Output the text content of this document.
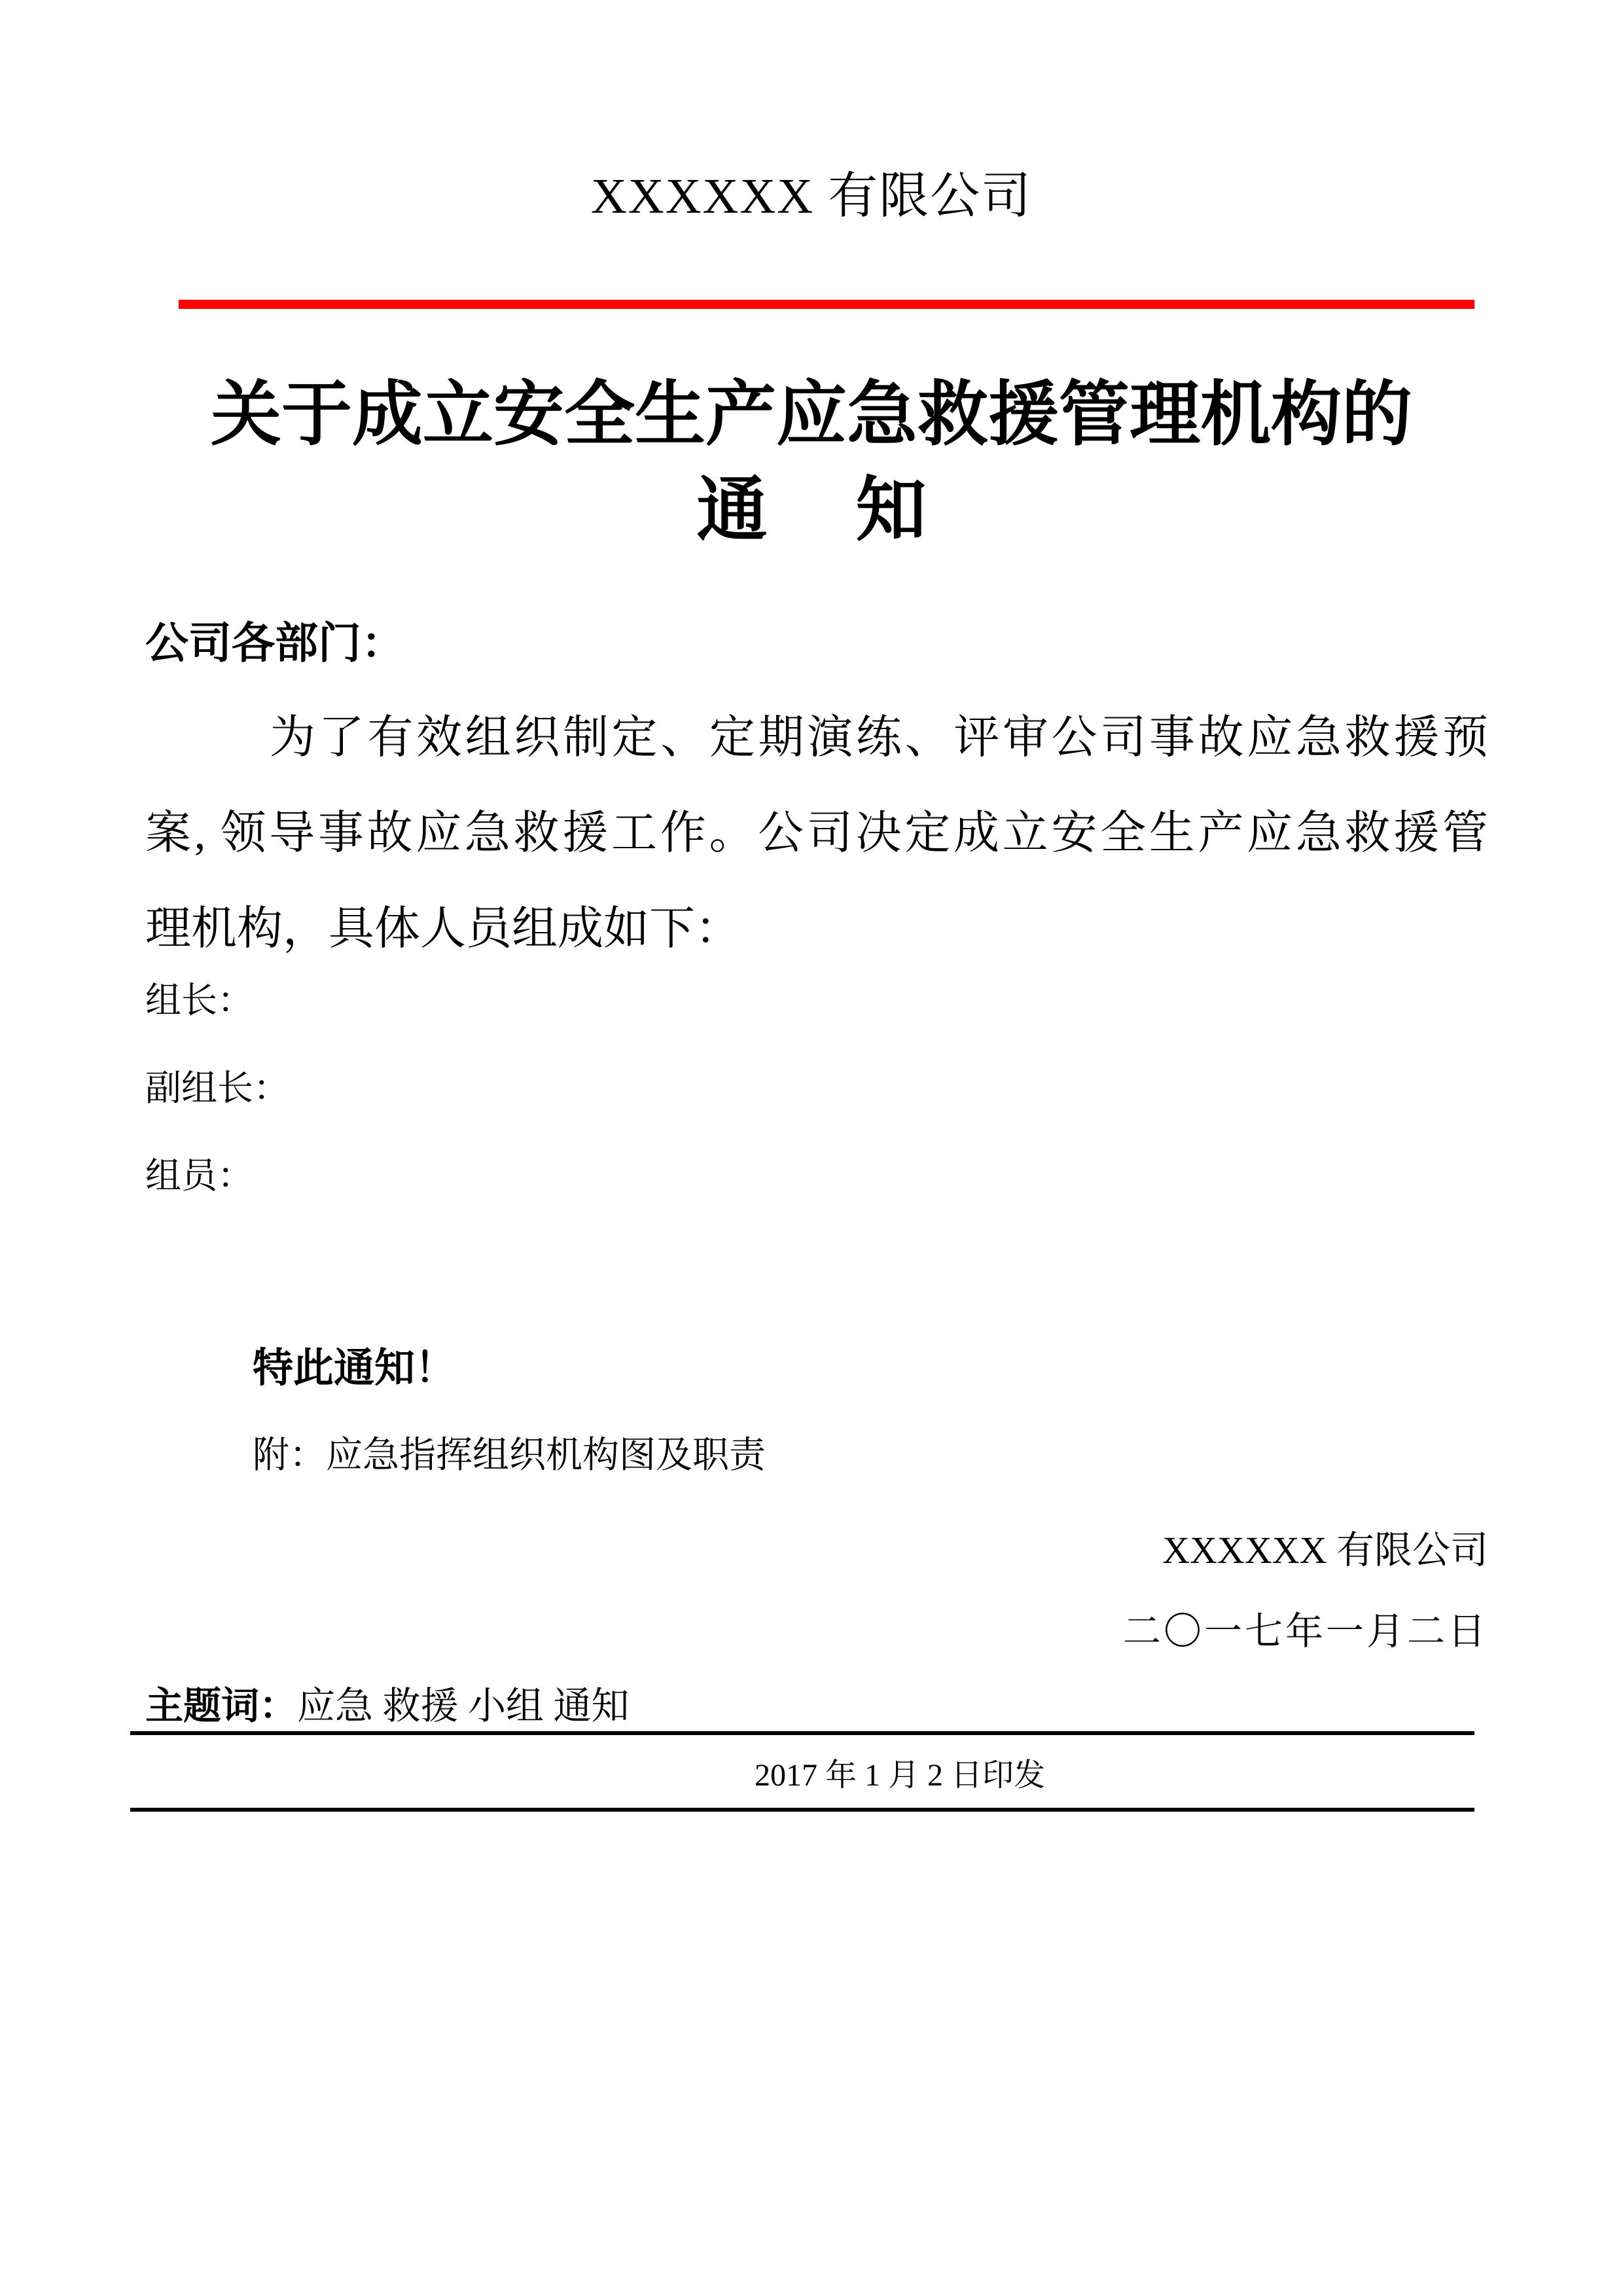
XXXXXX 有限公司
关于成立安全生产应急救援管理机构的
通　 知
公司各部门：
为了有效组织制定、定期演练、评审公司事故应急救援预
案, 领导事故应急救援工作。公司决定成立安全生产应急救援管
理机构，具体人员组成如下：
组长：
副组长：
组员：
特此通知！
附：应急指挥组织机构图及职责
XXXXXX 有限公司
二〇一七年一月二日
主题词：应急 救援 小组 通知
2017 年 1 月 2 日印发
